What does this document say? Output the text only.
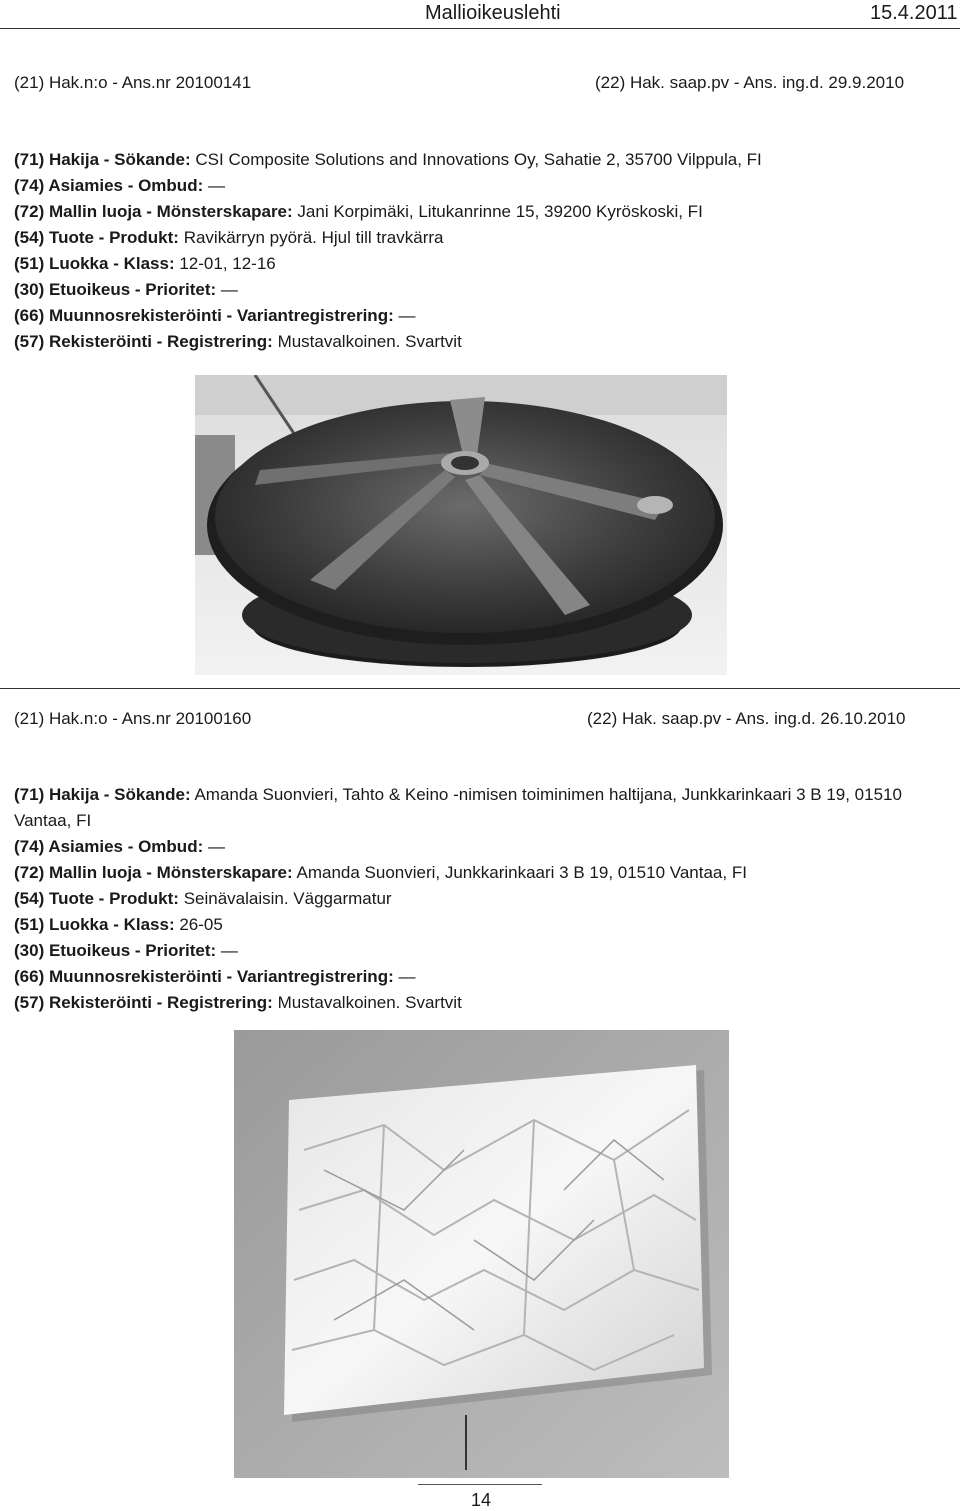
Mallioikeuslehti	15.4.2011
(21) Hak.n:o - Ans.nr 20100141	(22) Hak. saap.pv - Ans. ing.d. 29.9.2010

(71) Hakija - Sökande: CSI Composite Solutions and Innovations Oy, Sahatie 2, 35700 Vilppula, FI

(74) Asiamies - Ombud: —

(72) Mallin luoja - Mönsterskapare: Jani Korpimäki, Litukanrinne 15, 39200 Kyröskoski, FI

(54) Tuote - Produkt: Ravikärryn pyörä. Hjul till travkärra

(51) Luokka - Klass: 12-01, 12-16

(30) Etuoikeus - Prioritet: —

(66) Muunnosrekisteröinti - Variantregistrering: —

(57) Rekisteröinti - Registrering: Mustavalkoinen. Svartvit

(21) Hak.n:o - Ans.nr 20100160	(22) Hak. saap.pv - Ans. ing.d. 26.10.2010

(71) Hakija - Sökande: Amanda Suonvieri, Tahto & Keino -nimisen toiminimen haltijana, Junkkarinkaari 3 B 19, 01510 Vantaa, FI

(74) Asiamies - Ombud: —

(72) Mallin luoja - Mönsterskapare: Amanda Suonvieri, Junkkarinkaari 3 B 19, 01510 Vantaa, FI

(54) Tuote - Produkt: Seinävalaisin. Väggarmatur

(51) Luokka - Klass: 26-05

(30) Etuoikeus - Prioritet: —

(66) Muunnosrekisteröinti - Variantregistrering: —

(57) Rekisteröinti - Registrering: Mustavalkoinen. Svartvit

14
